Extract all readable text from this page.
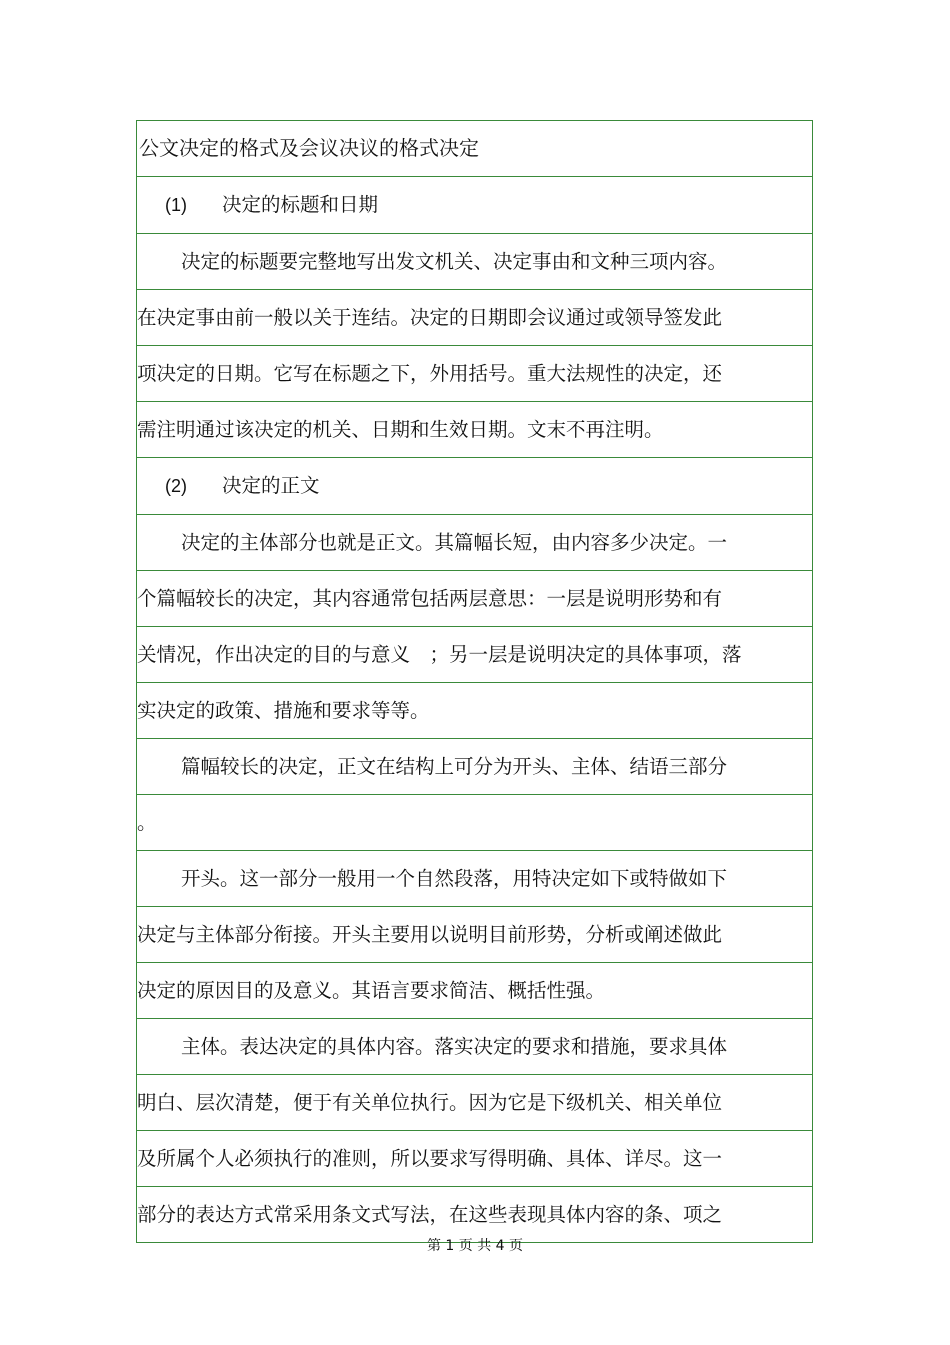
公文决定的格式及会议决议的格式决定
(1) 决定的标题和日期
决定的标题要完整地写出发文机关、决定事由和文种三项内容。
在决定事由前一般以关于连结。决定的日期即会议通过或领导签发此
项决定的日期。它写在标题之下，外用括号。重大法规性的决定，还
需注明通过该决定的机关、日期和生效日期。文末不再注明。
(2) 决定的正文
决定的主体部分也就是正文。其篇幅长短，由内容多少决定。一
个篇幅较长的决定，其内容通常包括两层意思：一层是说明形势和有
关情况，作出决定的目的与意义　；另一层是说明决定的具体事项，落
实决定的政策、措施和要求等等。
篇幅较长的决定，正文在结构上可分为开头、主体、结语三部分
。
开头。这一部分一般用一个自然段落，用特决定如下或特做如下
决定与主体部分衔接。开头主要用以说明目前形势，分析或阐述做此
决定的原因目的及意义。其语言要求简洁、概括性强。
主体。表达决定的具体内容。落实决定的要求和措施，要求具体
明白、层次清楚，便于有关单位执行。因为它是下级机关、相关单位
及所属个人必须执行的准则，所以要求写得明确、具体、详尽。这一
部分的表达方式常采用条文式写法，在这些表现具体内容的条、项之
第 1 页 共 4 页
